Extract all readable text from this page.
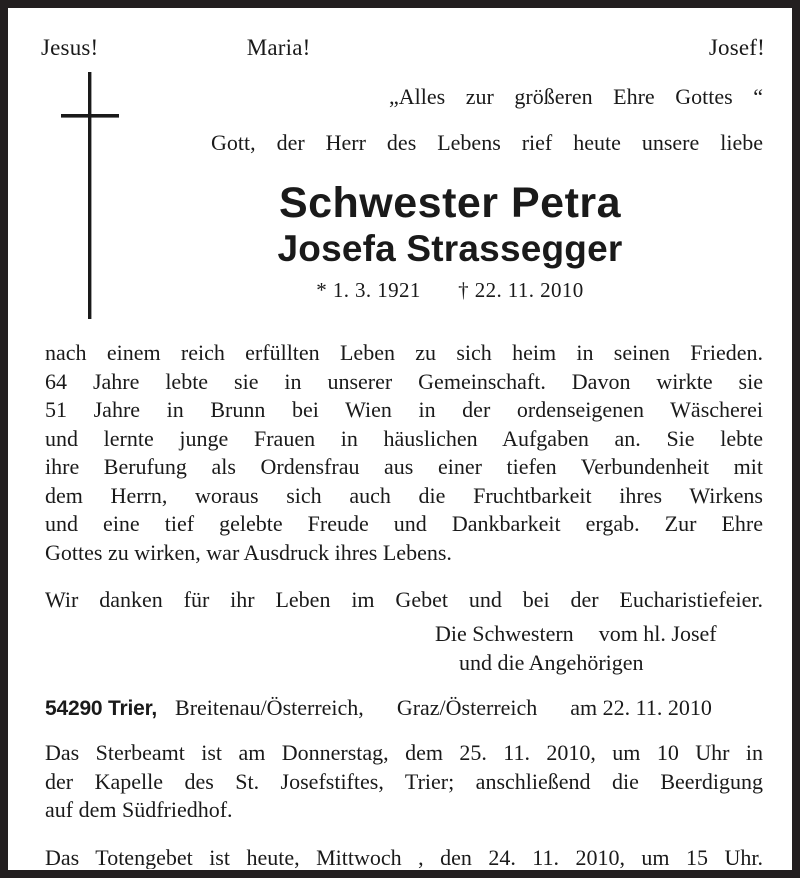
Jesus!	Maria!	Josef!
„Alles zur größeren Ehre Gottes “
Gott, der Herr des Lebens rief heute unsere liebe
Schwester Petra
Josefa Strassegger
* 1. 3. 1921 † 22. 11. 2010
nach einem reich erfüllten Leben zu sich heim in seinen Frieden.
64 Jahre lebte sie in unserer Gemeinschaft. Davon wirkte sie
51 Jahre in Brunn bei Wien in der ordenseigenen Wäscherei
und lernte junge Frauen in häuslichen Aufgaben an. Sie lebte
ihre Berufung als Ordensfrau aus einer tiefen Verbundenheit mit
dem Herrn, woraus sich auch die Fruchtbarkeit ihres Wirkens
und eine tief gelebte Freude und Dankbarkeit ergab. Zur Ehre
Gottes zu wirken, war Ausdruck ihres Lebens.
Wir danken für ihr Leben im Gebet und bei der Eucharistiefeier.
Die Schwestern vom hl. Josef
und die Angehörigen
54290 Trier, Breitenau/Österreich, Graz/Österreich am 22. 11. 2010
Das Sterbeamt ist am Donnerstag, dem 25. 11. 2010, um 10 Uhr in
der Kapelle des St. Josefstiftes, Trier; anschließend die Beerdigung
auf dem Südfriedhof.
Das Totengebet ist heute, Mittwoch , den 24. 11. 2010, um 15 Uhr.
